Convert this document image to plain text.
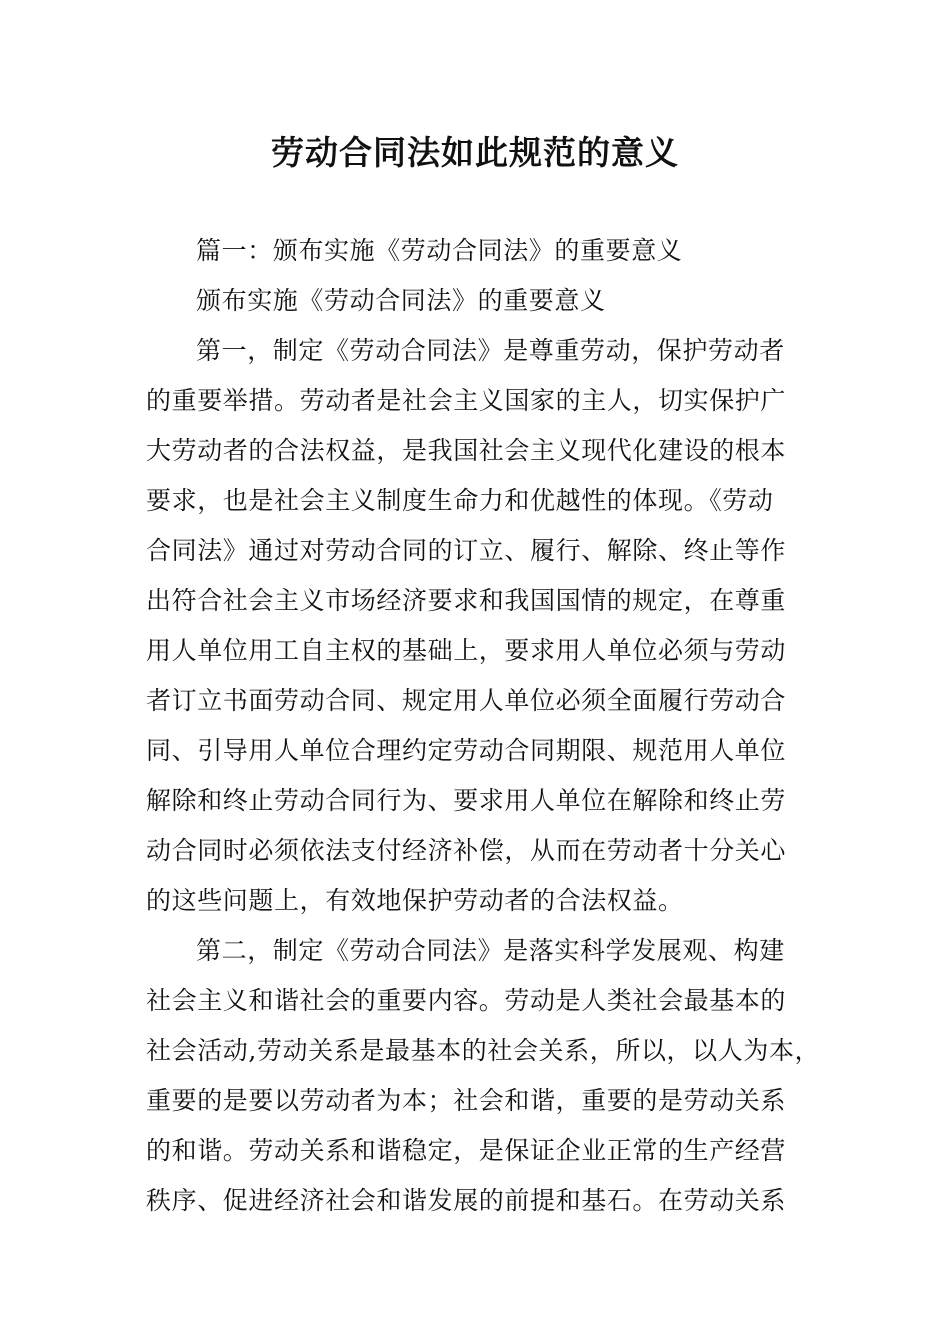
劳动合同法如此规范的意义
篇一：颁布实施《劳动合同法》的重要意义
颁布实施《劳动合同法》的重要意义
第一，制定《劳动合同法》是尊重劳动，保护劳动者
的重要举措。劳动者是社会主义国家的主人，切实保护广
大劳动者的合法权益，是我国社会主义现代化建设的根本
要求，也是社会主义制度生命力和优越性的体现。《劳动
合同法》通过对劳动合同的订立、履行、解除、终止等作
出符合社会主义市场经济要求和我国国情的规定，在尊重
用人单位用工自主权的基础上，要求用人单位必须与劳动
者订立书面劳动合同、规定用人单位必须全面履行劳动合
同、引导用人单位合理约定劳动合同期限、规范用人单位
解除和终止劳动合同行为、要求用人单位在解除和终止劳
动合同时必须依法支付经济补偿，从而在劳动者十分关心
的这些问题上，有效地保护劳动者的合法权益。
第二，制定《劳动合同法》是落实科学发展观、构建
社会主义和谐社会的重要内容。劳动是人类社会最基本的
社会活动,劳动关系是最基本的社会关系，所以，以人为本，
重要的是要以劳动者为本；社会和谐，重要的是劳动关系
的和谐。劳动关系和谐稳定，是保证企业正常的生产经营
秩序、促进经济社会和谐发展的前提和基石。在劳动关系
